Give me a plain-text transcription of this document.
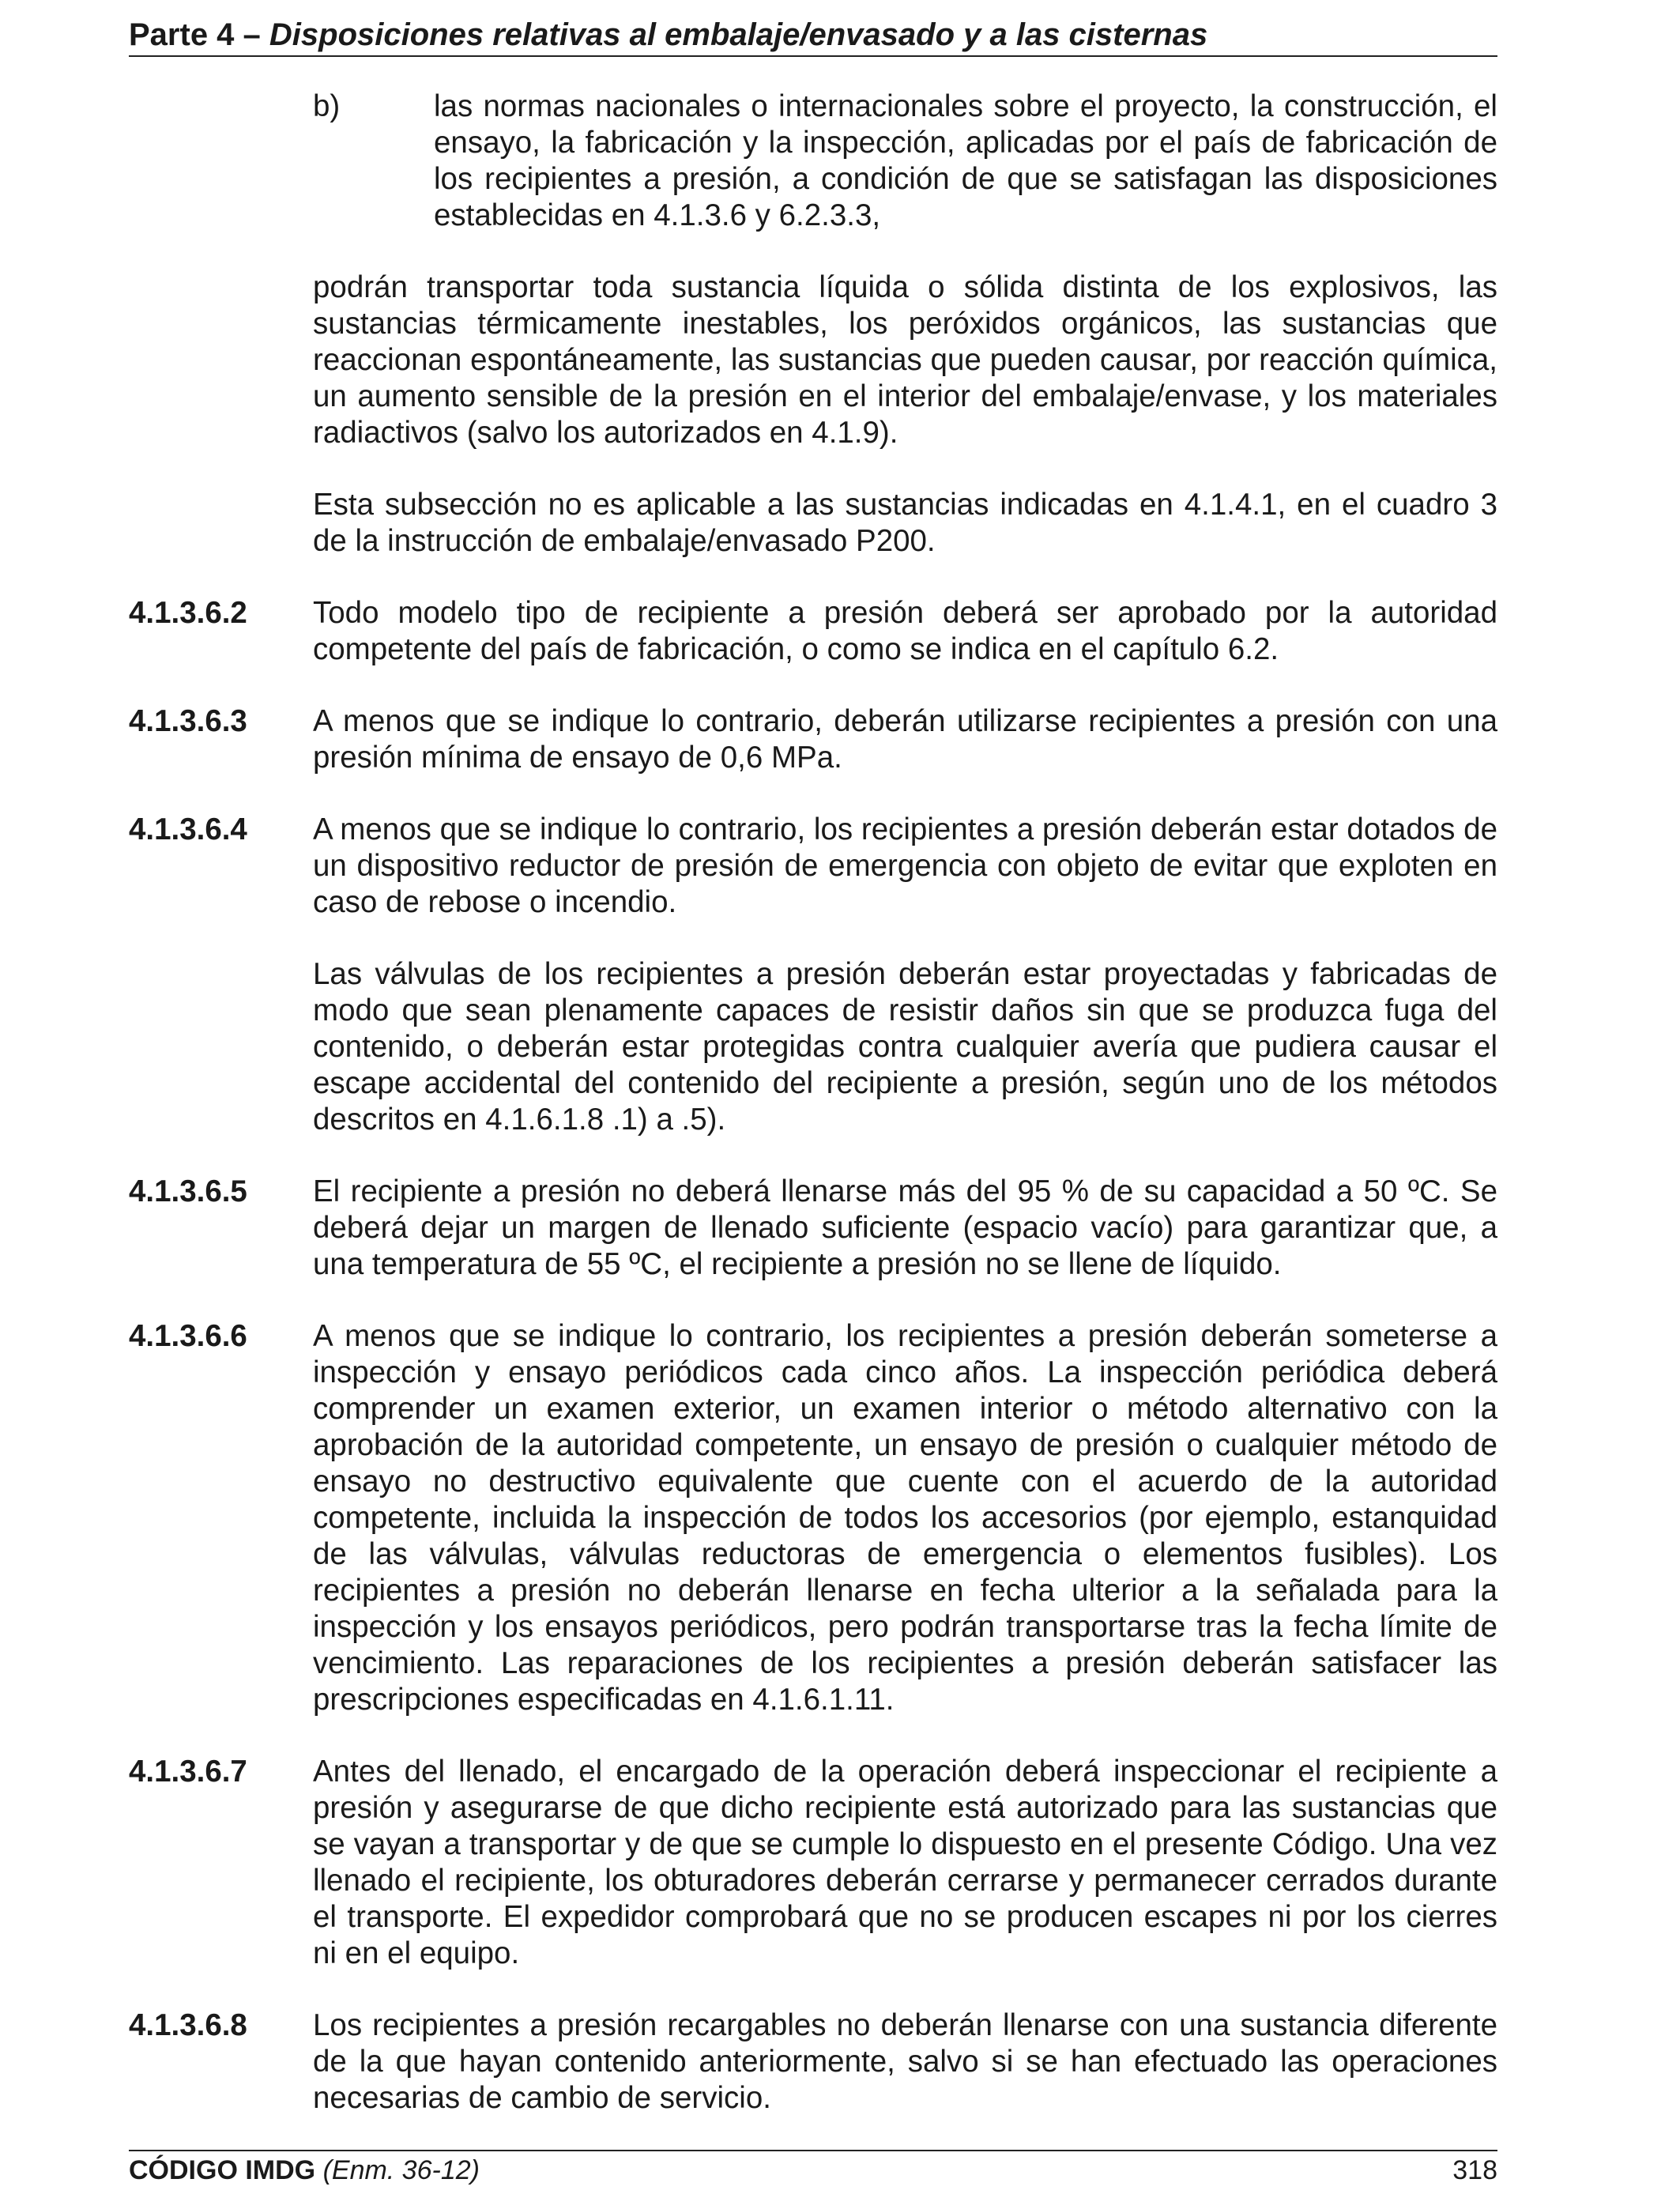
Parte 4 – Disposiciones relativas al embalaje/envasado y a las cisternas
b)	las normas nacionales o internacionales sobre el proyecto, la construcción, el ensayo, la fabricación y la inspección, aplicadas por el país de fabricación de los recipientes a presión, a condición de que se satisfagan las disposiciones establecidas en 4.1.3.6 y 6.2.3.3,
podrán transportar toda sustancia líquida o sólida distinta de los explosivos, las sustancias térmicamente inestables, los peróxidos orgánicos, las sustancias que reaccionan espontáneamente, las sustancias que pueden causar, por reacción química, un aumento sensible de la presión en el interior del embalaje/envase, y los materiales radiactivos (salvo los autorizados en 4.1.9).
Esta subsección no es aplicable a las sustancias indicadas en 4.1.4.1, en el cuadro 3 de la instrucción de embalaje/envasado P200.
4.1.3.6.2	Todo modelo tipo de recipiente a presión deberá ser aprobado por la autoridad competente del país de fabricación, o como se indica en el capítulo 6.2.
4.1.3.6.3	A menos que se indique lo contrario, deberán utilizarse recipientes a presión con una presión mínima de ensayo de 0,6 MPa.
4.1.3.6.4	A menos que se indique lo contrario, los recipientes a presión deberán estar dotados de un dispositivo reductor de presión de emergencia con objeto de evitar que exploten en caso de rebose o incendio.
Las válvulas de los recipientes a presión deberán estar proyectadas y fabricadas de modo que sean plenamente capaces de resistir daños sin que se produzca fuga del contenido, o deberán estar protegidas contra cualquier avería que pudiera causar el escape accidental del contenido del recipiente a presión, según uno de los métodos descritos en 4.1.6.1.8 .1) a .5).
4.1.3.6.5	El recipiente a presión no deberá llenarse más del 95 % de su capacidad a 50 ºC. Se deberá dejar un margen de llenado suficiente (espacio vacío) para garantizar que, a una temperatura de 55 ºC, el recipiente a presión no se llene de líquido.
4.1.3.6.6	A menos que se indique lo contrario, los recipientes a presión deberán someterse a inspección y ensayo periódicos cada cinco años. La inspección periódica deberá comprender un examen exterior, un examen interior o método alternativo con la aprobación de la autoridad competente, un ensayo de presión o cualquier método de ensayo no destructivo equivalente que cuente con el acuerdo de la autoridad competente, incluida la inspección de todos los accesorios (por ejemplo, estanquidad de las válvulas, válvulas reductoras de emergencia o elementos fusibles). Los recipientes a presión no deberán llenarse en fecha ulterior a la señalada para la inspección y los ensayos periódicos, pero podrán transportarse tras la fecha límite de vencimiento. Las reparaciones de los recipientes a presión deberán satisfacer las prescripciones especificadas en 4.1.6.1.11.
4.1.3.6.7	Antes del llenado, el encargado de la operación deberá inspeccionar el recipiente a presión y asegurarse de que dicho recipiente está autorizado para las sustancias que se vayan a transportar y de que se cumple lo dispuesto en el presente Código. Una vez llenado el recipiente, los obturadores deberán cerrarse y permanecer cerrados durante el transporte. El expedidor comprobará que no se producen escapes ni por los cierres ni en el equipo.
4.1.3.6.8	Los recipientes a presión recargables no deberán llenarse con una sustancia diferente de la que hayan contenido anteriormente, salvo si se han efectuado las operaciones necesarias de cambio de servicio.
CÓDIGO IMDG (Enm. 36-12)	318
